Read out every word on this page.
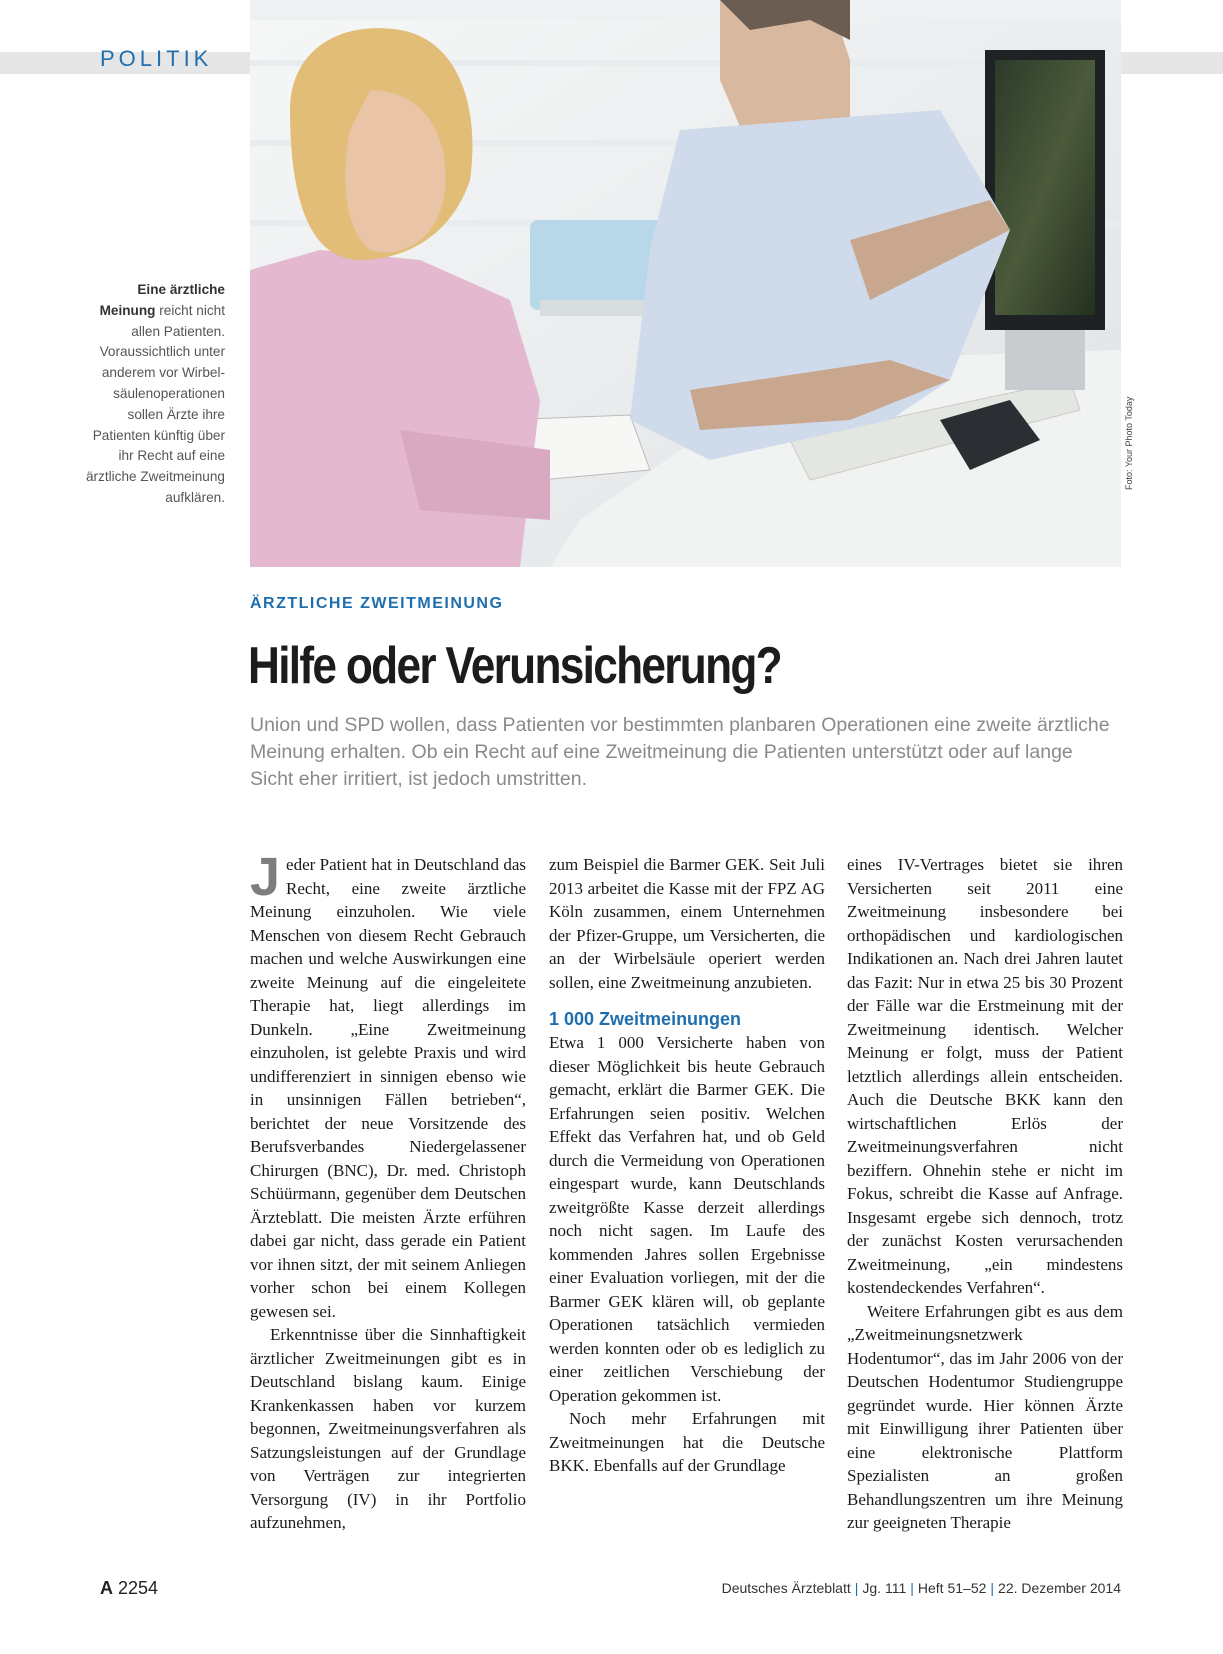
POLITIK
Foto: Your Photo Today
Eine ärztliche Meinung reicht nicht allen Patienten. Voraussichtlich unter anderem vor Wirbelsäulenoperationen sollen Ärzte ihre Patienten künftig über ihr Recht auf eine ärztliche Zweitmeinung aufklären.
ÄRZTLICHE ZWEITMEINUNG
Hilfe oder Verunsicherung?
Union und SPD wollen, dass Patienten vor bestimmten planbaren Operationen eine zweite ärztliche Meinung erhalten. Ob ein Recht auf eine Zweitmeinung die Patienten unterstützt oder auf lange Sicht eher irritiert, ist jedoch umstritten.

Jeder Patient hat in Deutschland das Recht, eine zweite ärztliche Meinung einzuholen. Wie viele Menschen von diesem Recht Gebrauch machen und welche Auswirkungen eine zweite Meinung auf die eingeleitete Therapie hat, liegt allerdings im Dunkeln. „Eine Zweitmeinung einzuholen, ist gelebte Praxis und wird undifferenziert in sinnigen ebenso wie in unsinnigen Fällen betrieben“, berichtet der neue Vorsitzende des Berufsverbandes Niedergelassener Chirurgen (BNC), Dr. med. Christoph Schüürmann, gegenüber dem Deutschen Ärzteblatt. Die meisten Ärzte erführen dabei gar nicht, dass gerade ein Patient vor ihnen sitzt, der mit seinem Anliegen vorher schon bei einem Kollegen gewesen sei.

Erkenntnisse über die Sinnhaftigkeit ärztlicher Zweitmeinungen gibt es in Deutschland bislang kaum. Einige Krankenkassen haben vor kurzem begonnen, Zweitmeinungsverfahren als Satzungsleistungen auf der Grundlage von Verträgen zur integrierten Versorgung (IV) in ihr Portfolio aufzunehmen,

zum Beispiel die Barmer GEK. Seit Juli 2013 arbeitet die Kasse mit der FPZ AG Köln zusammen, einem Unternehmen der Pfizer-Gruppe, um Versicherten, die an der Wirbelsäule operiert werden sollen, eine Zweitmeinung anzubieten.

1 000 Zweitmeinungen

Etwa 1 000 Versicherte haben von dieser Möglichkeit bis heute Gebrauch gemacht, erklärt die Barmer GEK. Die Erfahrungen seien positiv. Welchen Effekt das Verfahren hat, und ob Geld durch die Vermeidung von Operationen eingespart wurde, kann Deutschlands zweitgrößte Kasse derzeit allerdings noch nicht sagen. Im Laufe des kommenden Jahres sollen Ergebnisse einer Evaluation vorliegen, mit der die Barmer GEK klären will, ob geplante Operationen tatsächlich vermieden werden konnten oder ob es lediglich zu einer zeitlichen Verschiebung der Operation gekommen ist.

Noch mehr Erfahrungen mit Zweitmeinungen hat die Deutsche BKK. Ebenfalls auf der Grundlage

eines IV-Vertrages bietet sie ihren Versicherten seit 2011 eine Zweitmeinung insbesondere bei orthopädischen und kardiologischen Indikationen an. Nach drei Jahren lautet das Fazit: Nur in etwa 25 bis 30 Prozent der Fälle war die Erstmeinung mit der Zweitmeinung identisch. Welcher Meinung er folgt, muss der Patient letztlich allerdings allein entscheiden. Auch die Deutsche BKK kann den wirtschaftlichen Erlös der Zweitmeinungsverfahren nicht beziffern. Ohnehin stehe er nicht im Fokus, schreibt die Kasse auf Anfrage. Insgesamt ergebe sich dennoch, trotz der zunächst Kosten verursachenden Zweitmeinung, „ein mindestens kostendeckendes Verfahren“.

Weitere Erfahrungen gibt es aus dem „Zweitmeinungsnetzwerk Hodentumor“, das im Jahr 2006 von der Deutschen Hodentumor Studiengruppe gegründet wurde. Hier können Ärzte mit Einwilligung ihrer Patienten über eine elektronische Plattform Spezialisten an großen Behandlungszentren um ihre Meinung zur geeigneten Therapie

A 2254	Deutsches Ärzteblatt | Jg. 111 | Heft 51–52 | 22. Dezember 2014
